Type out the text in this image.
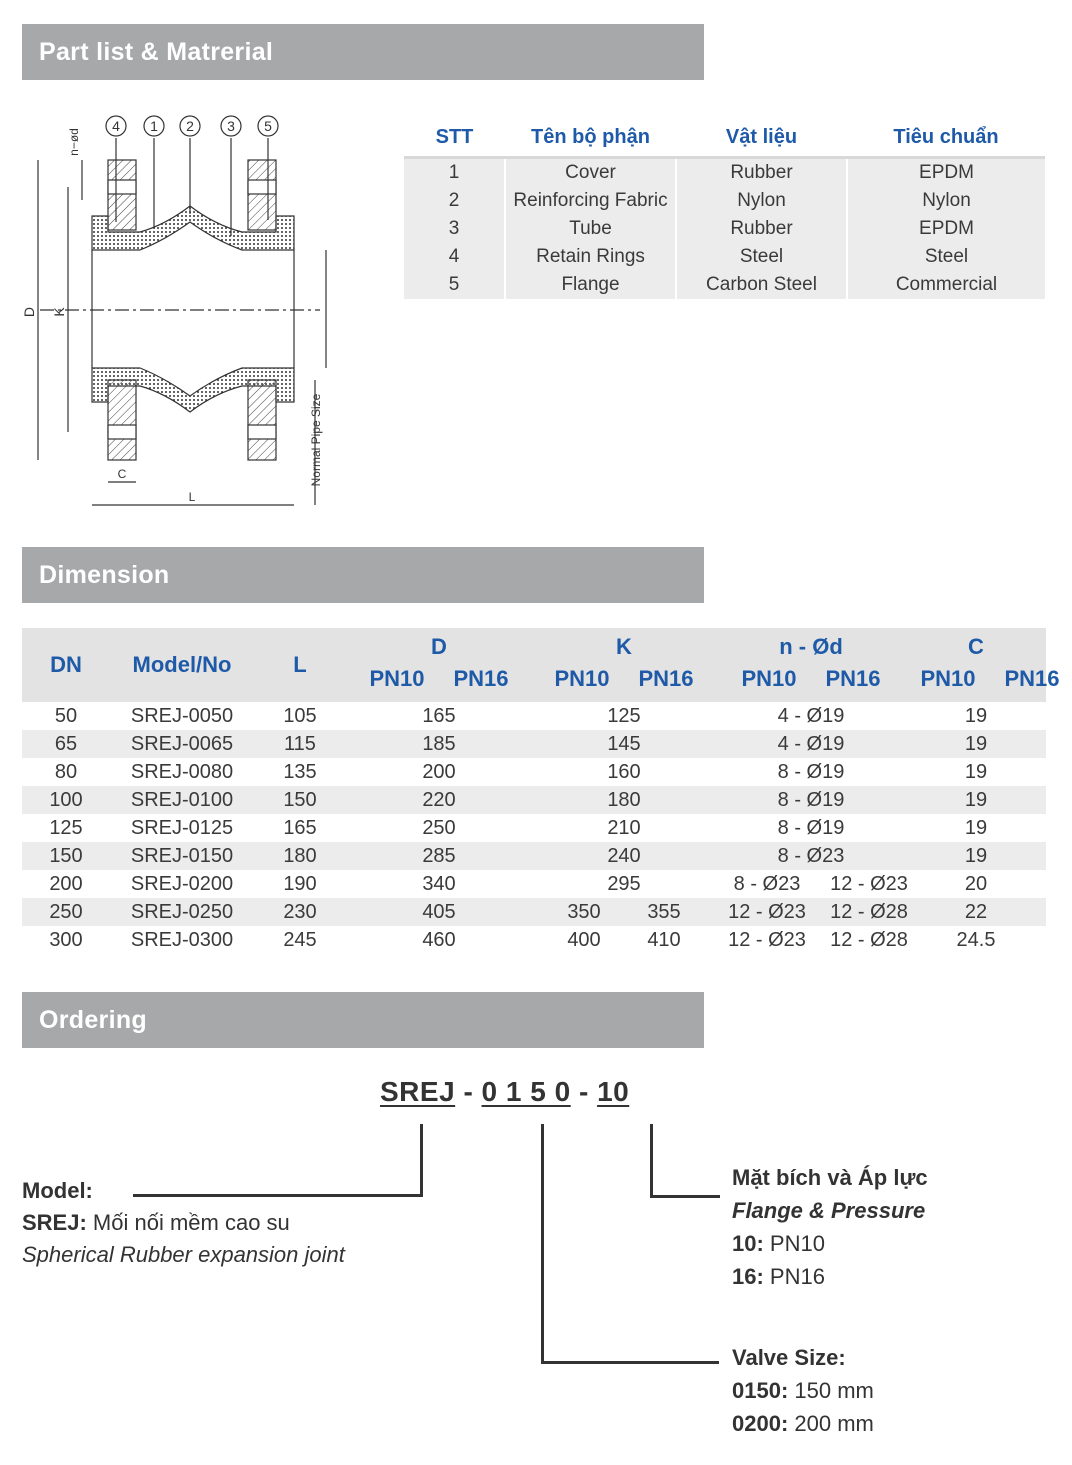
Part list & Matrerial
Dimension
Ordering
4 1 2 3 5
D K
n−ød
C
L
Normal Pipe Size
STT	Tên bộ phận	Vật liệu	Tiêu chuẩn
1	Cover	Rubber	EPDM
2	Reinforcing Fabric	Nylon	Nylon
3	Tube	Rubber	EPDM
4	Retain Rings	Steel	Steel
5	Flange	Carbon Steel	Commercial
DN	Model/No	L	D	K	n - Ød	C
			PN10 PN16	PN10 PN16	PN10 PN16	PN10 PN16
50	SREJ-0050	105	165	125	4 - Ø19	19
65	SREJ-0065	115	185	145	4 - Ø19	19
80	SREJ-0080	135	200	160	8 - Ø19	19
100	SREJ-0100	150	220	180	8 - Ø19	19
125	SREJ-0125	165	250	210	8 - Ø19	19
150	SREJ-0150	180	285	240	8 - Ø23	19
200	SREJ-0200	190	340	295	8 - Ø23 12 - Ø23	20
250	SREJ-0250	230	405	350 355	12 - Ø23 12 - Ø28	22
300	SREJ-0300	245	460	400 410	12 - Ø23 12 - Ø28	24.5
SREJ - 0 1 5 0 - 10
Model:
SREJ: Mối nối mềm cao su
Spherical Rubber expansion joint
Mặt bích và Áp lực
Flange & Pressure
10: PN10
16: PN16
Valve Size:
0150: 150 mm
0200: 200 mm
